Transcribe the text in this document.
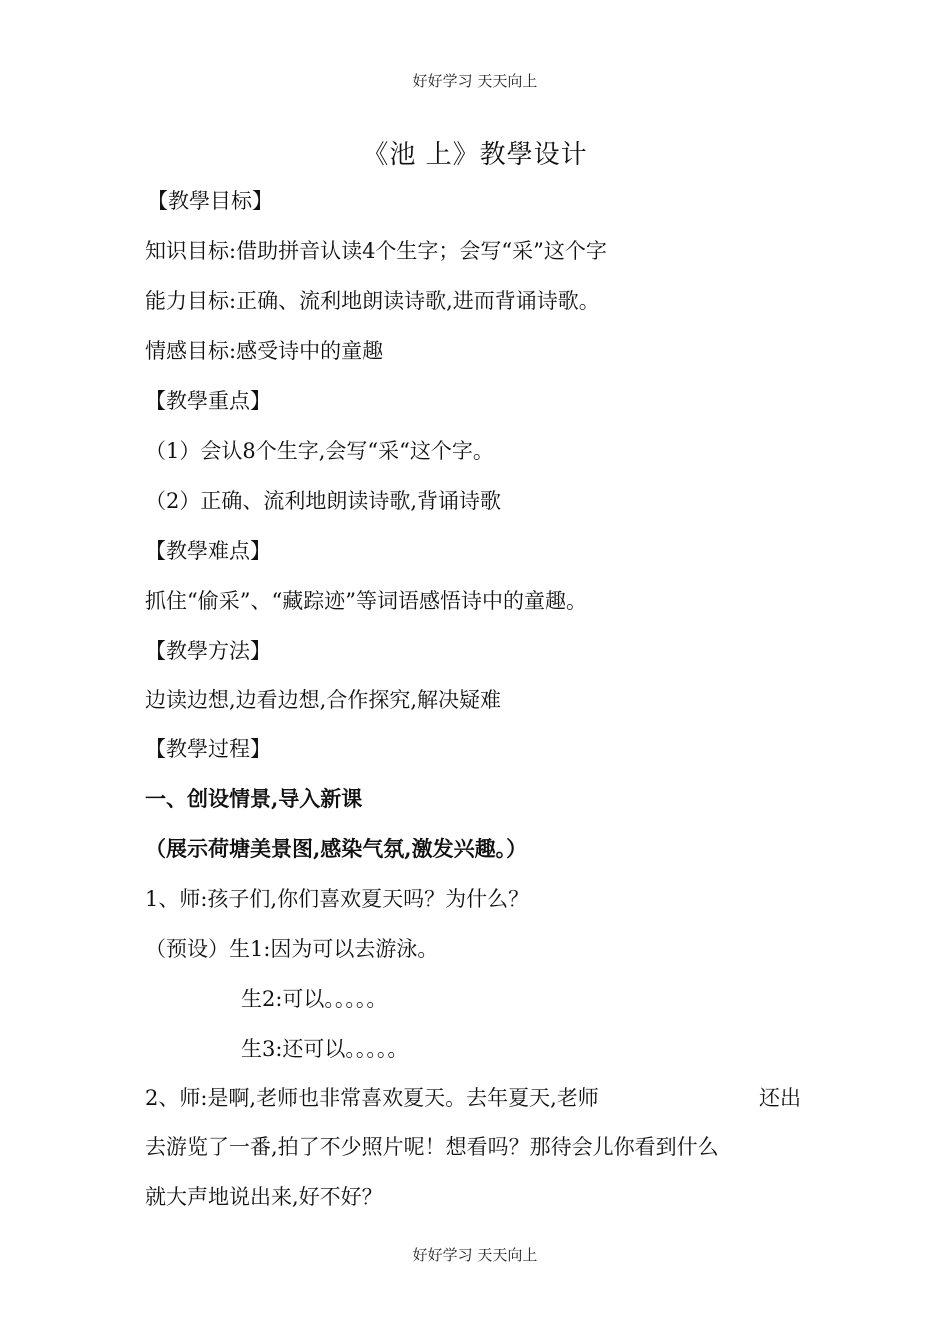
好好学习 天天向上
《池 上》教學设计
【教學目标】
知识目标:借助拼音认读4个生字；会写“采”这个字
能力目标:正确、流利地朗读诗歌,进而背诵诗歌。
情感目标:感受诗中的童趣
【教學重点】
（1）会认8个生字,会写“采“这个字。
（2）正确、流利地朗读诗歌,背诵诗歌
【教學难点】
抓住“偷采”、“藏踪迹”等词语感悟诗中的童趣。
【教學方法】
边读边想,边看边想,合作探究,解决疑难
【教學过程】
一、创设情景,导入新课
（展示荷塘美景图,感染气氛,激发兴趣。）
1、师:孩子们,你们喜欢夏天吗？为什么？
（预设）生1:因为可以去游泳。
生2:可以。。。。。
生3:还可以。。。。。
2、师:是啊,老师也非常喜欢夏天。去年夏天,老师	还出
去游览了一番,拍了不少照片呢！想看吗？那待会儿你看到什么
就大声地说出来,好不好？
好好学习 天天向上
